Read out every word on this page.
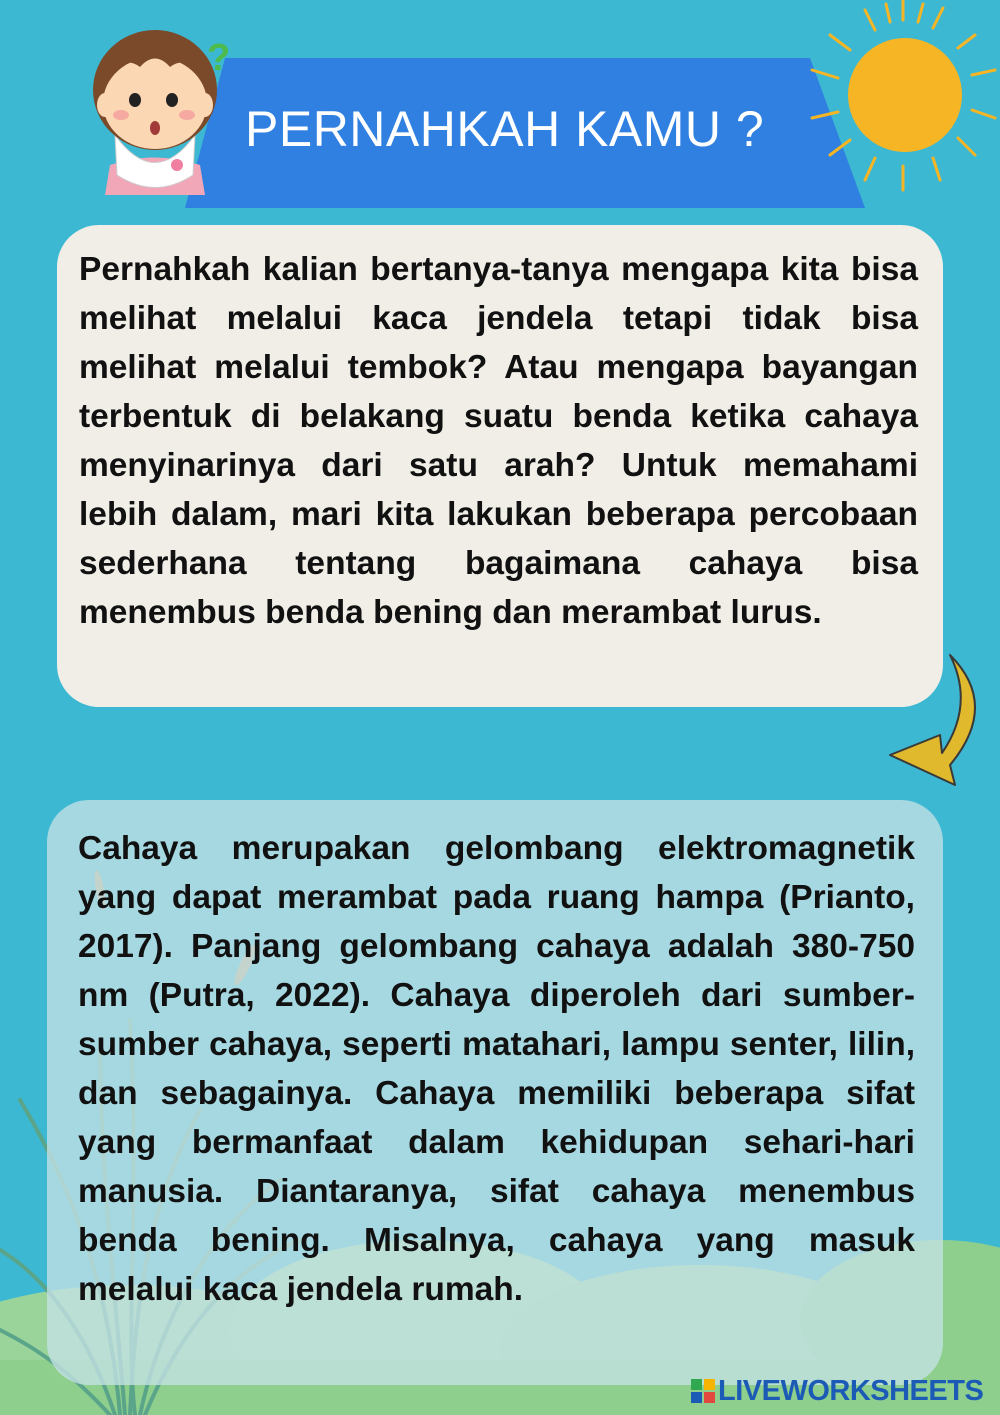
PERNAHKAH KAMU ?
?

Pernahkah kalian bertanya-tanya mengapa kita bisa melihat melalui kaca jendela tetapi tidak bisa melihat melalui tembok? Atau mengapa bayangan terbentuk di belakang suatu benda ketika cahaya menyinarinya dari satu arah? Untuk memahami lebih dalam, mari kita lakukan beberapa percobaan sederhana tentang bagaimana cahaya bisa menembus benda bening dan merambat lurus.

Cahaya merupakan gelombang elektromagnetik yang dapat merambat pada ruang hampa (Prianto, 2017). Panjang gelombang cahaya adalah 380-750 nm (Putra, 2022). Cahaya diperoleh dari sumber-sumber cahaya, seperti matahari, lampu senter, lilin, dan sebagainya. Cahaya memiliki beberapa sifat yang bermanfaat dalam kehidupan sehari-hari manusia. Diantaranya, sifat cahaya menembus benda bening. Misalnya, cahaya yang masuk melalui kaca jendela rumah.

LIVEWORKSHEETS
